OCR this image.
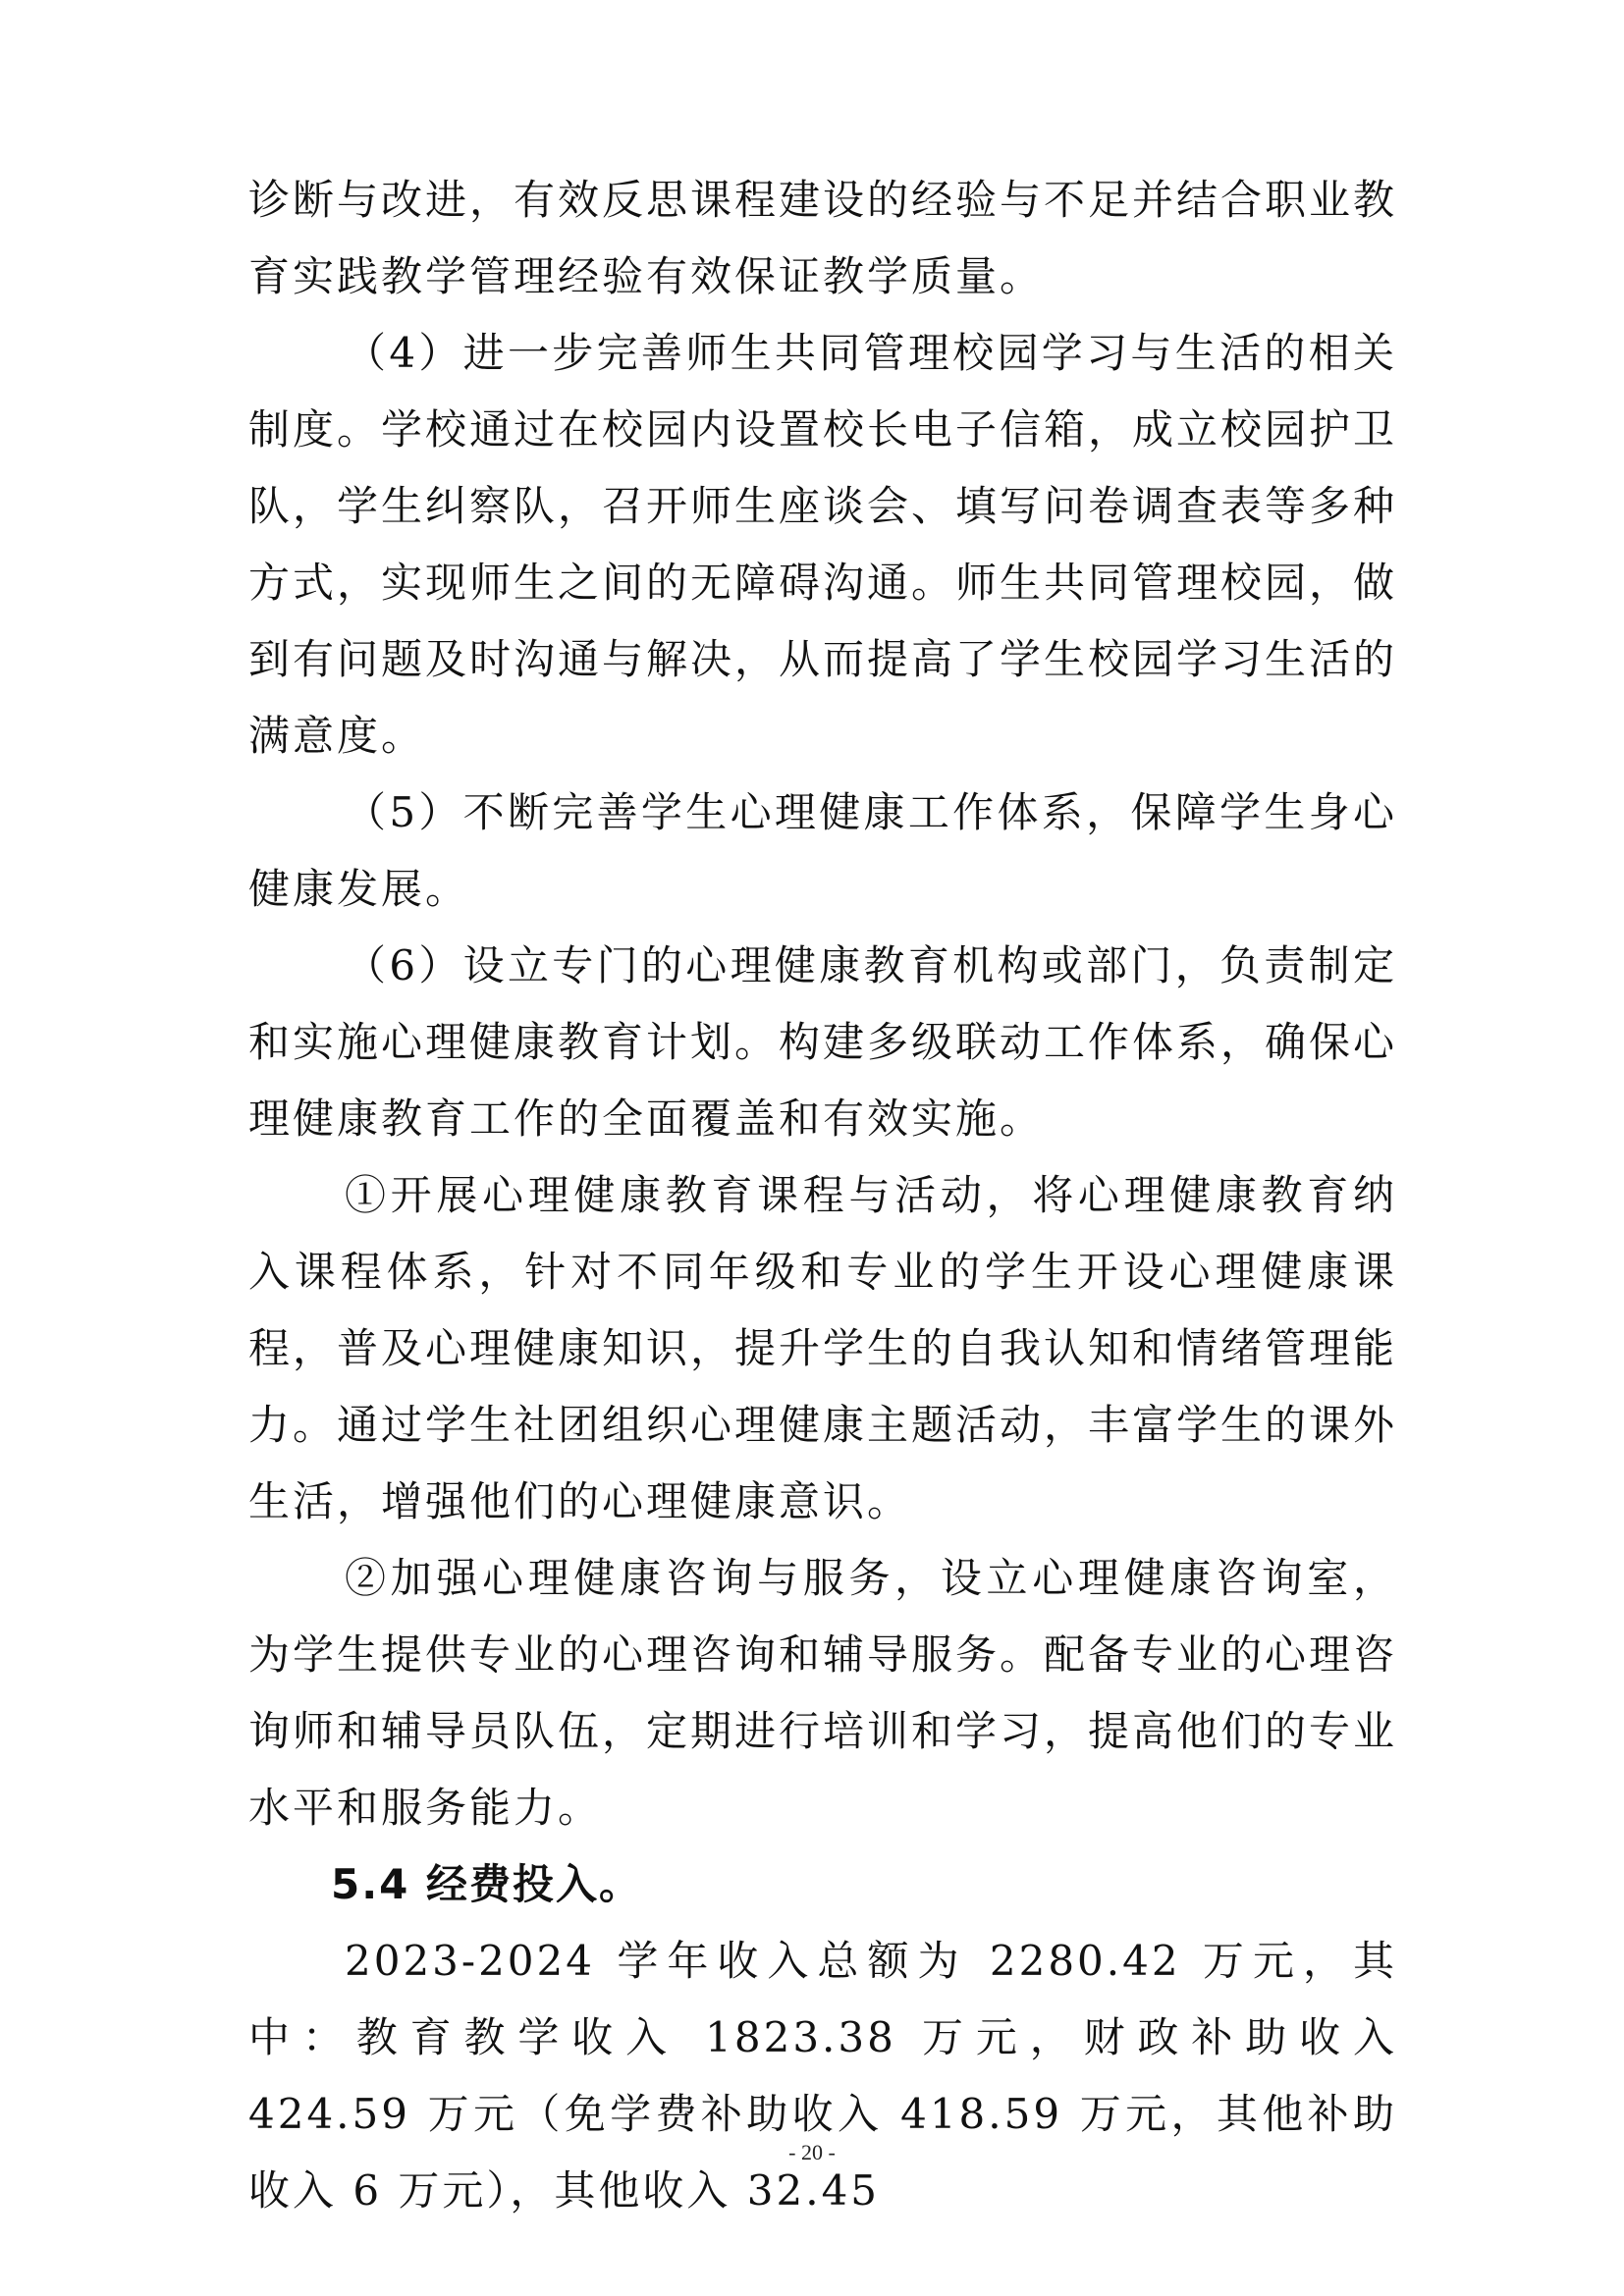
诊断与改进，有效反思课程建设的经验与不足并结合职业教育实践教学管理经验有效保证教学质量。

（4）进一步完善师生共同管理校园学习与生活的相关制度。学校通过在校园内设置校长电子信箱，成立校园护卫队，学生纠察队，召开师生座谈会、填写问卷调查表等多种方式，实现师生之间的无障碍沟通。师生共同管理校园，做到有问题及时沟通与解决，从而提高了学生校园学习生活的满意度。

（5）不断完善学生心理健康工作体系，保障学生身心健康发展。

（6）设立专门的心理健康教育机构或部门，负责制定和实施心理健康教育计划。构建多级联动工作体系，确保心理健康教育工作的全面覆盖和有效实施。

①开展心理健康教育课程与活动，将心理健康教育纳入课程体系，针对不同年级和专业的学生开设心理健康课程，普及心理健康知识，提升学生的自我认知和情绪管理能力。通过学生社团组织心理健康主题活动，丰富学生的课外生活，增强他们的心理健康意识。

②加强心理健康咨询与服务，设立心理健康咨询室，为学生提供专业的心理咨询和辅导服务。配备专业的心理咨询师和辅导员队伍，定期进行培训和学习，提高他们的专业水平和服务能力。

5.4 经费投入。

2023-2024 学年收入总额为 2280.42 万元，其中：教育教学收入 1823.38 万元，财政补助收入 424.59 万元（免学费补助收入 418.59 万元，其他补助收入 6 万元），其他收入 32.45

- 20 -
